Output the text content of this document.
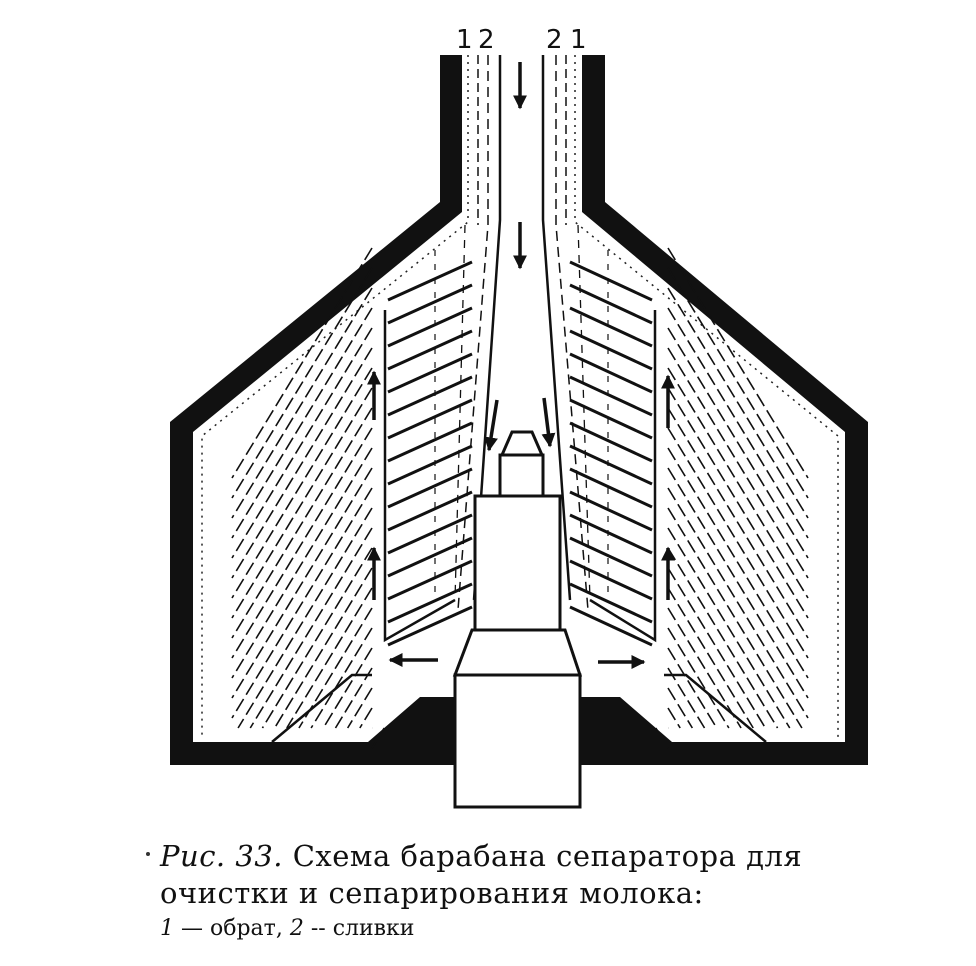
1 2 2 1
Рис. 33. Схема барабана сепаратора для
очистки и сепарирования молока:
1 — обрат, 2 -- сливки
